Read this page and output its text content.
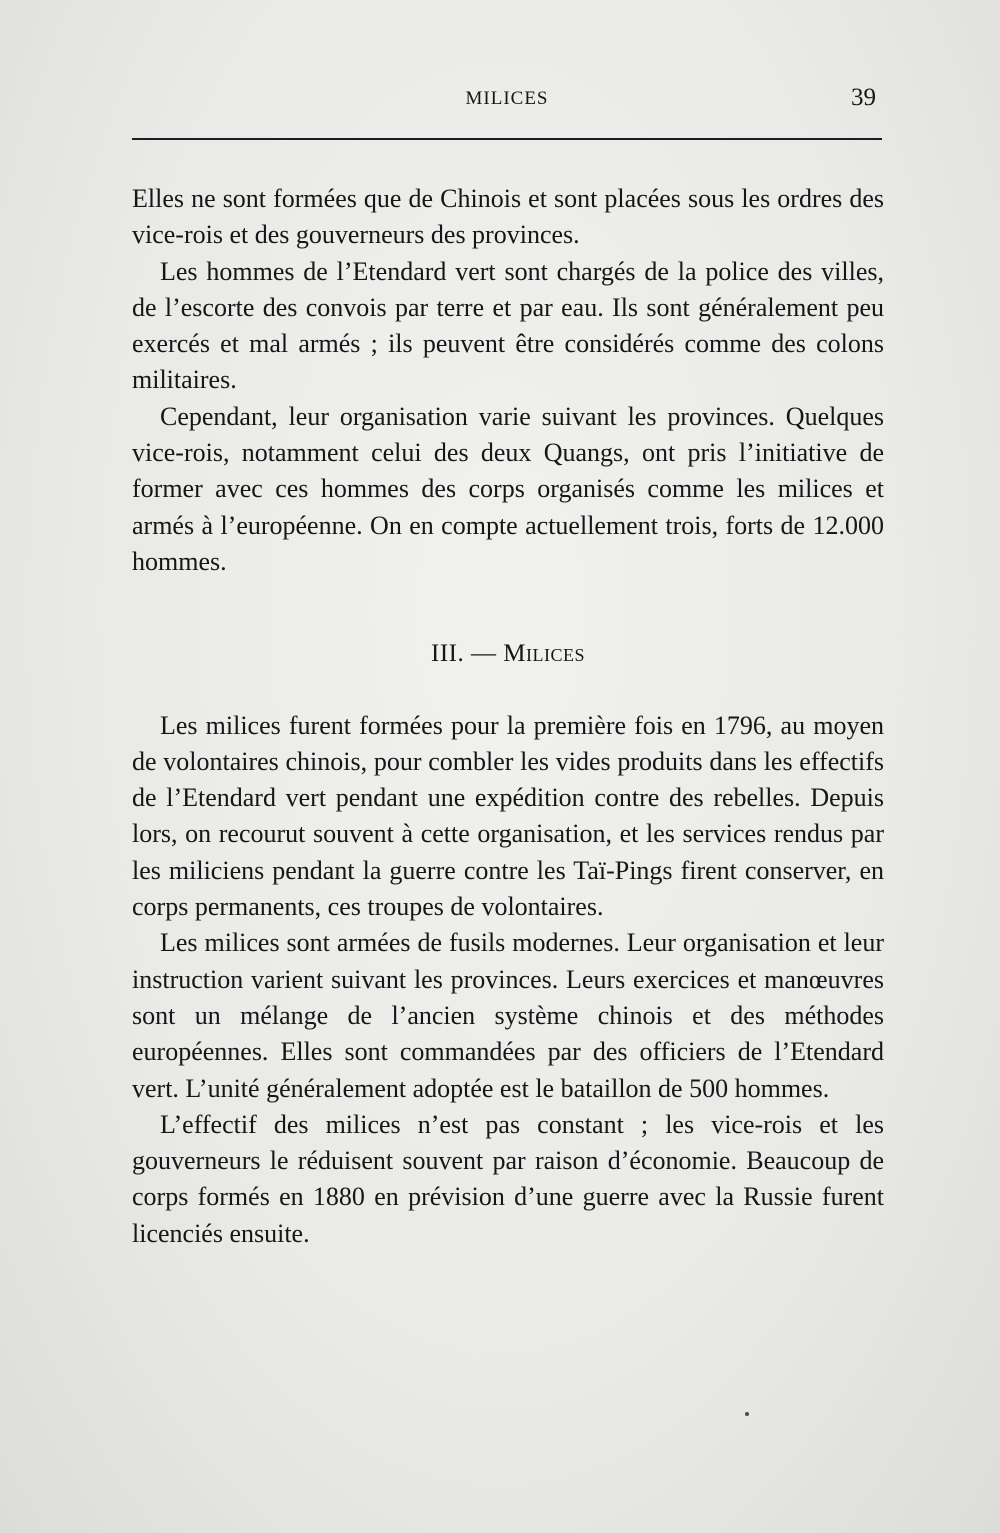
MILICES	39

Elles ne sont formées que de Chinois et sont placées sous les ordres des vice-rois et des gouverneurs des provinces.

Les hommes de l’Etendard vert sont chargés de la police des villes, de l’escorte des convois par terre et par eau. Ils sont généralement peu exercés et mal armés ; ils peuvent être considérés comme des colons militaires.

Cependant, leur organisation varie suivant les provinces. Quelques vice-rois, notamment celui des deux Quangs, ont pris l’initiative de former avec ces hommes des corps organisés comme les milices et armés à l’européenne. On en compte actuellement trois, forts de 12.000 hommes.

III. — Milices

Les milices furent formées pour la première fois en 1796, au moyen de volontaires chinois, pour combler les vides produits dans les effectifs de l’Etendard vert pendant une expédition contre des rebelles. Depuis lors, on recourut souvent à cette organisation, et les services rendus par les miliciens pendant la guerre contre les Taï-Pings firent conserver, en corps permanents, ces troupes de volontaires.

Les milices sont armées de fusils modernes. Leur organisation et leur instruction varient suivant les provinces. Leurs exercices et manœuvres sont un mélange de l’ancien système chinois et des méthodes européennes. Elles sont commandées par des officiers de l’Etendard vert. L’unité généralement adoptée est le bataillon de 500 hommes.

L’effectif des milices n’est pas constant ; les vice-rois et les gouverneurs le réduisent souvent par raison d’économie. Beaucoup de corps formés en 1880 en prévision d’une guerre avec la Russie furent licenciés ensuite.
